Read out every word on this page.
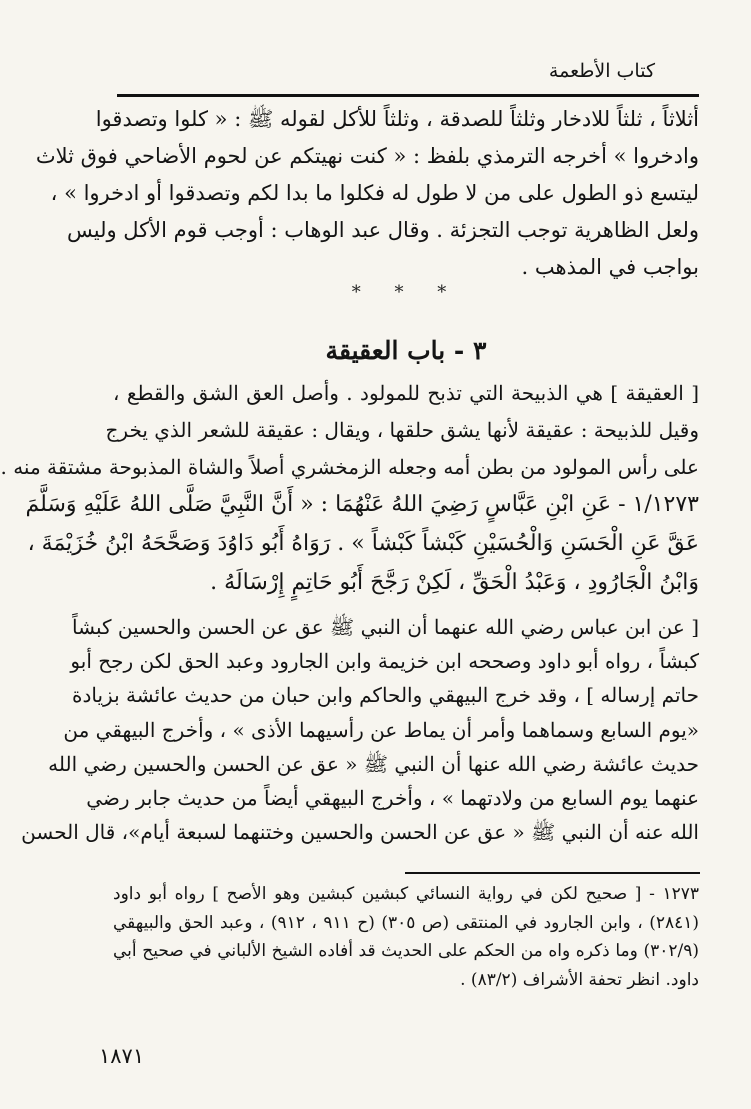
كتاب الأطعمة
أثلاثاً ، ثلثاً للادخار وثلثاً للصدقة ، وثلثاً للأكل لقوله ﷺ : « كلوا وتصدقوا
وادخروا » أخرجه الترمذي بلفظ : « كنت نهيتكم عن لحوم الأضاحي فوق ثلاث
ليتسع ذو الطول على من لا طول له فكلوا ما بدا لكم وتصدقوا أو ادخروا » ،
ولعل الظاهرية توجب التجزئة . وقال عبد الوهاب : أوجب قوم الأكل وليس
بواجب في المذهب .
* * *
٣ - باب العقيقة
[ العقيقة ] هي الذبيحة التي تذبح للمولود . وأصل العق الشق والقطع ،
وقيل للذبيحة : عقيقة لأنها يشق حلقها ، ويقال : عقيقة للشعر الذي يخرج
على رأس المولود من بطن أمه وجعله الزمخشري أصلاً والشاة المذبوحة مشتقة منه .
١/١٢٧٣ - عَنِ ابْنِ عَبَّاسٍ رَضِيَ اللهُ عَنْهُمَا : « أَنَّ النَّبِيَّ صَلَّى اللهُ عَلَيْهِ وَسَلَّمَ
عَقَّ عَنِ الْحَسَنِ وَالْحُسَيْنِ كَبْشاً كَبْشاً » . رَوَاهُ أَبُو دَاوُدَ وَصَحَّحَهُ ابْنُ خُزَيْمَةَ ،
وَابْنُ الْجَارُودِ ، وَعَبْدُ الْحَقِّ ، لَكِنْ رَجَّحَ أَبُو حَاتِمٍ إِرْسَالَهُ .
[ عن ابن عباس رضي الله عنهما أن النبي ﷺ عق عن الحسن والحسين كبشاً
كبشاً ، رواه أبو داود وصححه ابن خزيمة وابن الجارود وعبد الحق لكن رجح أبو
حاتم إرساله ] ، وقد خرج البيهقي والحاكم وابن حبان من حديث عائشة بزيادة
«يوم السابع وسماهما وأمر أن يماط عن رأسيهما الأذى » ، وأخرج البيهقي من
حديث عائشة رضي الله عنها أن النبي ﷺ « عق عن الحسن والحسين رضي الله
عنهما يوم السابع من ولادتهما » ، وأخرج البيهقي أيضاً من حديث جابر رضي
الله عنه أن النبي ﷺ « عق عن الحسن والحسين وختنهما لسبعة أيام»، قال الحسن
١٢٧٣ - [ صحيح لكن في رواية النسائي كبشين كبشين وهو الأصح ] رواه أبو داود
(٢٨٤١) ، وابن الجارود في المنتقى (ص ٣٠٥) (ح ٩١١ ، ٩١٢) ، وعبد الحق والبيهقي
(٣٠٢/٩) وما ذكره واه من الحكم على الحديث قد أفاده الشيخ الألباني في صحيح أبي
داود. انظر تحفة الأشراف (٨٣/٢) .
١٨٧١
